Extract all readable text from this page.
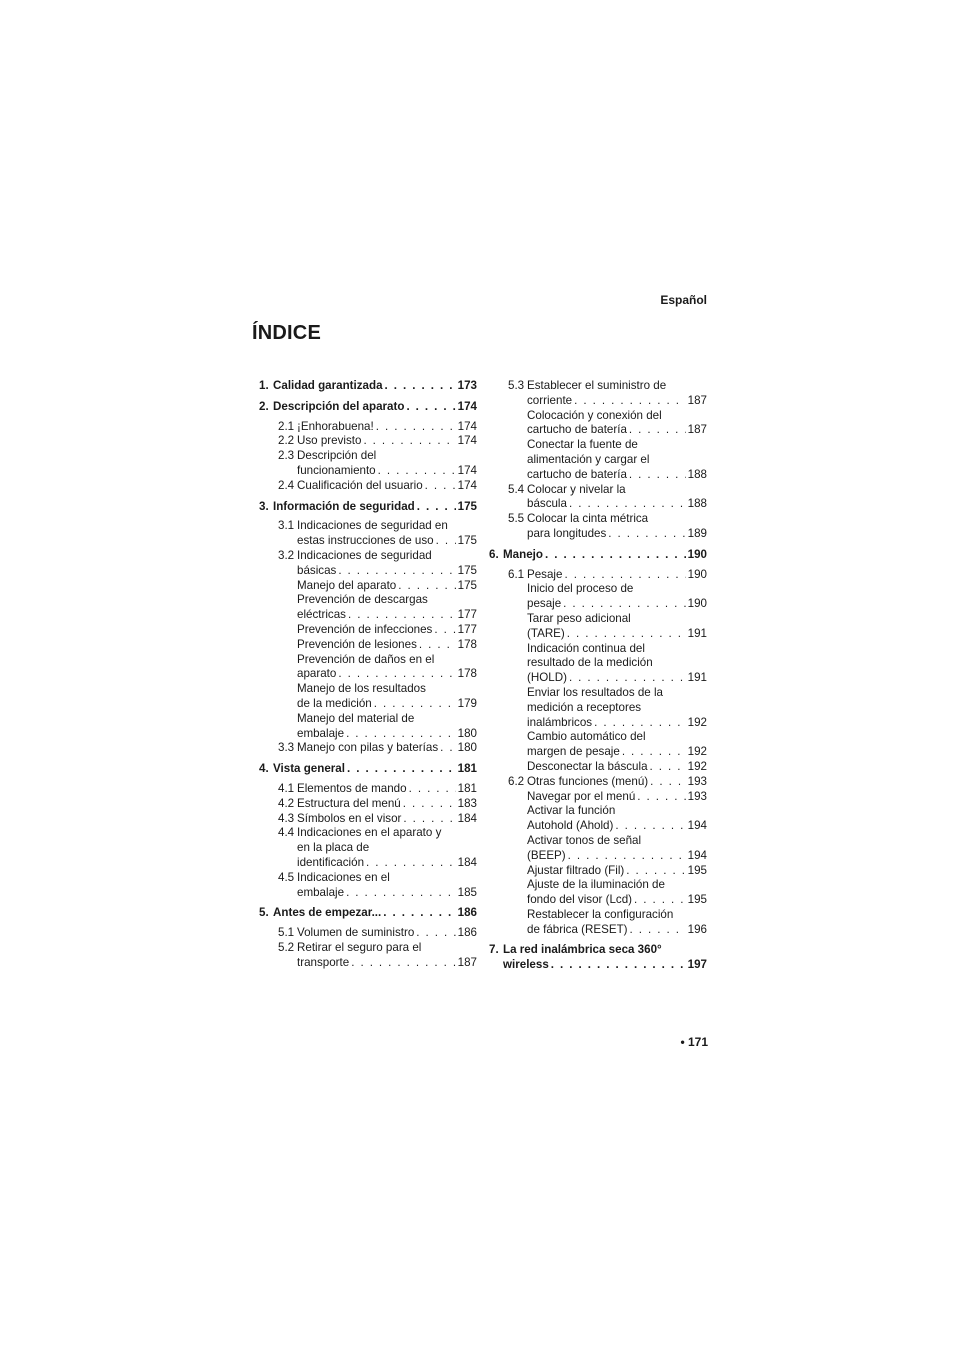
Español
ÍNDICE
1. Calidad garantizada . . .	173
2. Descripción del aparato . . .	174
2.1 ¡Enhorabuena! . . .	174
2.2 Uso previsto . . .	174
2.3 Descripción del
funcionamiento . . .	174
2.4 Cualificación del usuario . . .	174
3. Información de seguridad . . .	175
3.1 Indicaciones de seguridad en
estas instrucciones de uso . . . 175
3.2 Indicaciones de seguridad
básicas . . .	175
Manejo del aparato . . .	175
Prevención de descargas
eléctricas . . .	177
Prevención de infecciones . . . 177
Prevención de lesiones . . .	178
Prevención de daños en el
aparato . . .	178
Manejo de los resultados
de la medición . . .	179
Manejo del material de
embalaje . . .	180
3.3 Manejo con pilas y baterías . . . 180
4. Vista general . . .	181
4.1 Elementos de mando . . .	181
4.2 Estructura del menú . . .	183
4.3 Símbolos en el visor . . .	184
4.4 Indicaciones en el aparato y
en la placa de
identificación . . .	184
4.5 Indicaciones en el
embalaje . . .	185
5. Antes de empezar... . . .	186
5.1 Volumen de suministro . . .	186
5.2 Retirar el seguro para el
transporte . . .	187
5.3 Establecer el suministro de
corriente . . .	187
Colocación y conexión del
cartucho de batería . . .	187
Conectar la fuente de
alimentación y cargar el
cartucho de batería . . .	188
5.4 Colocar y nivelar la
báscula . . .	188
5.5 Colocar la cinta métrica
para longitudes . . .	189
6. Manejo . . .	190
6.1 Pesaje . . .	190
Inicio del proceso de
pesaje . . .	190
Tarar peso adicional
(TARE) . . .	191
Indicación continua del
resultado de la medición
(HOLD) . . .	191
Enviar los resultados de la
medición a receptores
inalámbricos . . .	192
Cambio automático del
margen de pesaje . . .	192
Desconectar la báscula . . .	192
6.2 Otras funciones (menú) . . .	193
Navegar por el menú . . .	193
Activar la función
Autohold (Ahold) . . .	194
Activar tonos de señal
(BEEP) . . .	194
Ajustar filtrado (Fil) . . .	195
Ajuste de la iluminación de
fondo del visor (Lcd) . . .	195
Restablecer la configuración
de fábrica (RESET) . . .	196
7. La red inalámbrica seca 360°
wireless . . .	197
• 171
